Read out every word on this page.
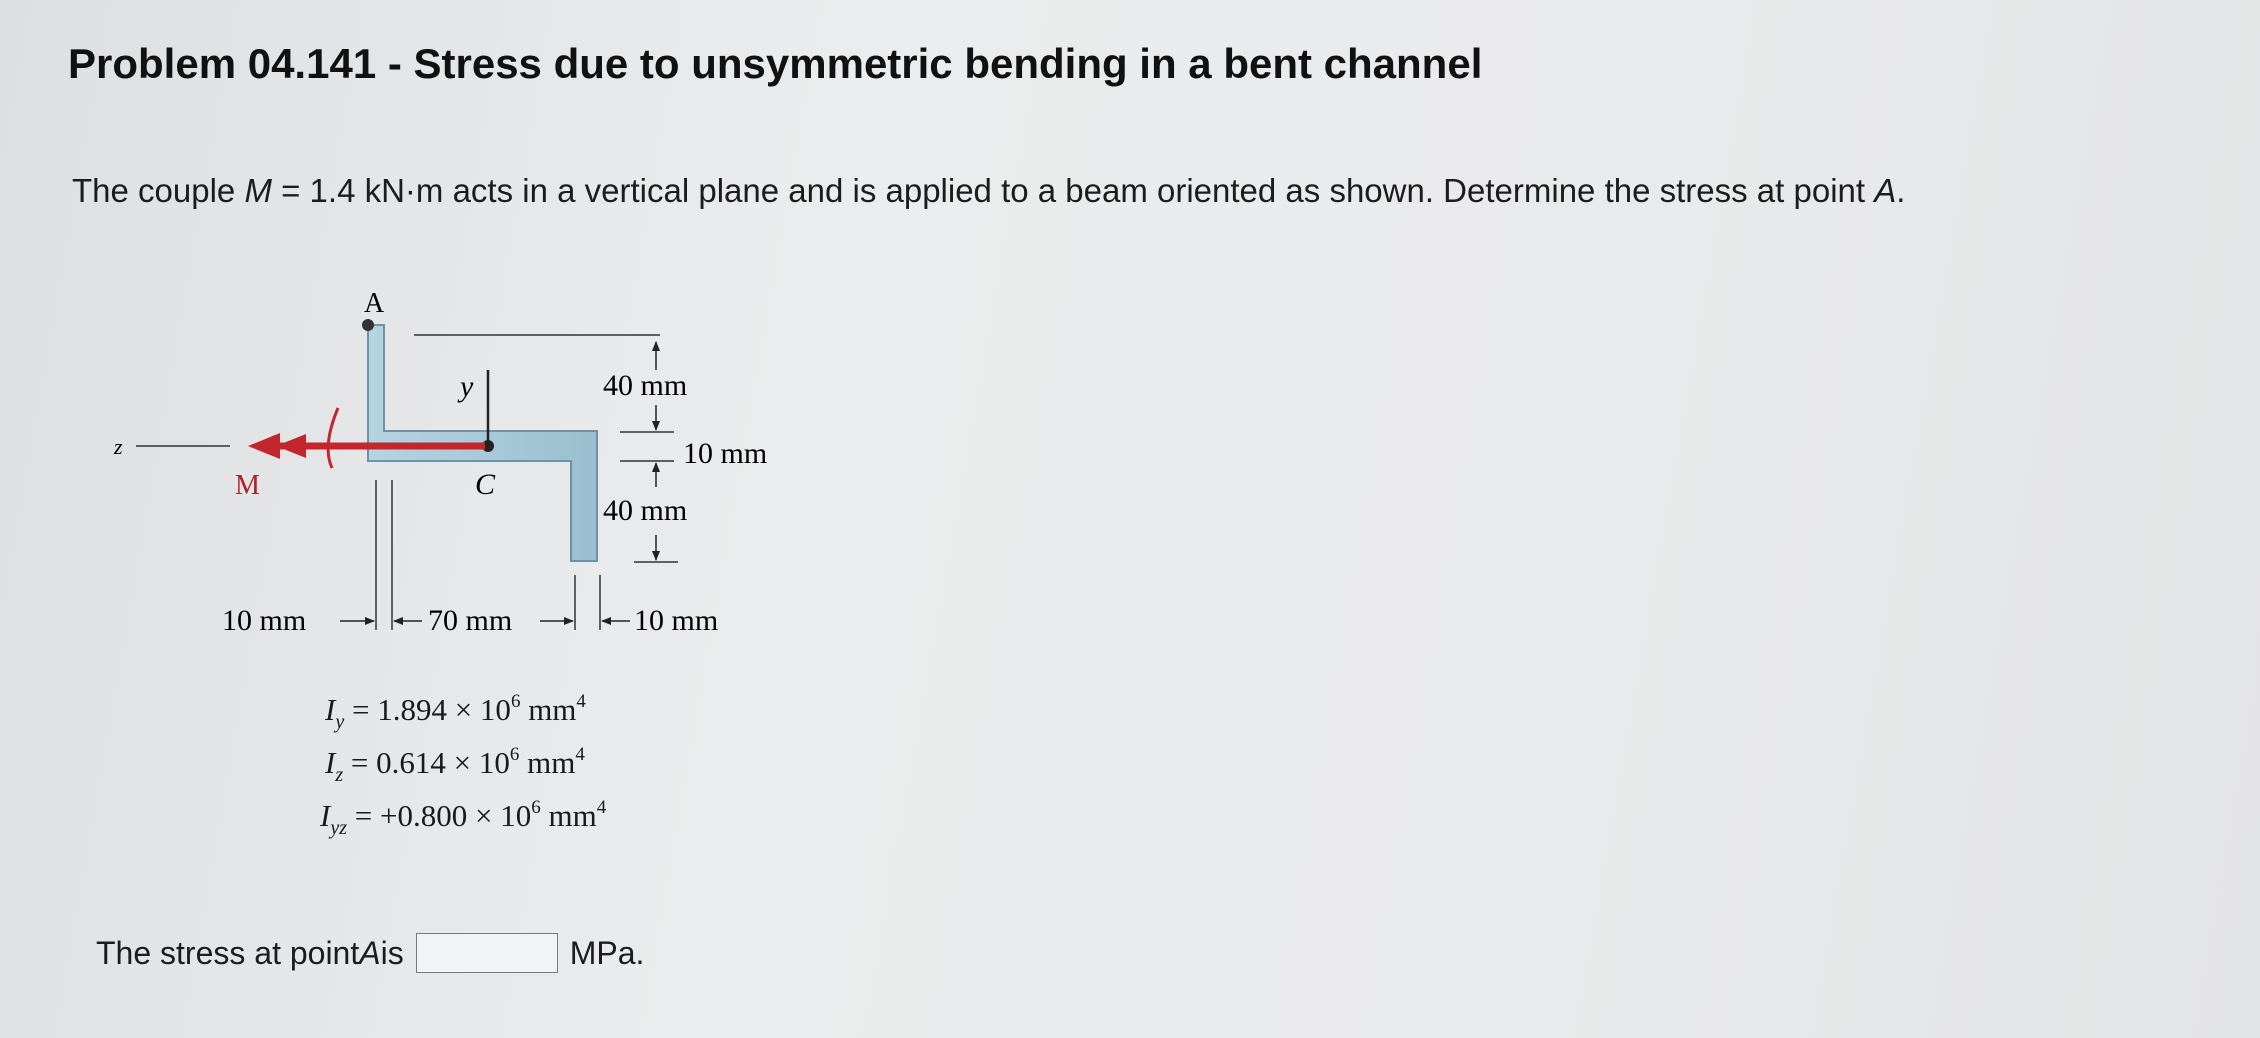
Problem 04.141 - Stress due to unsymmetric bending in a bent channel
The couple M = 1.4 kN·m acts in a vertical plane and is applied to a beam oriented as shown. Determine the stress at point A.
A
y
C
z
M
40 mm
10 mm
40 mm
10 mm	70 mm	10 mm
$I_y = 1.894 \times 10^6$ $mm^4$
$I_z = 0.614 \times 10^6$ $mm^4$
$I_{yz} = +0.800 \times 10^6$ $mm^4$
The stress at point A is	MPa.
